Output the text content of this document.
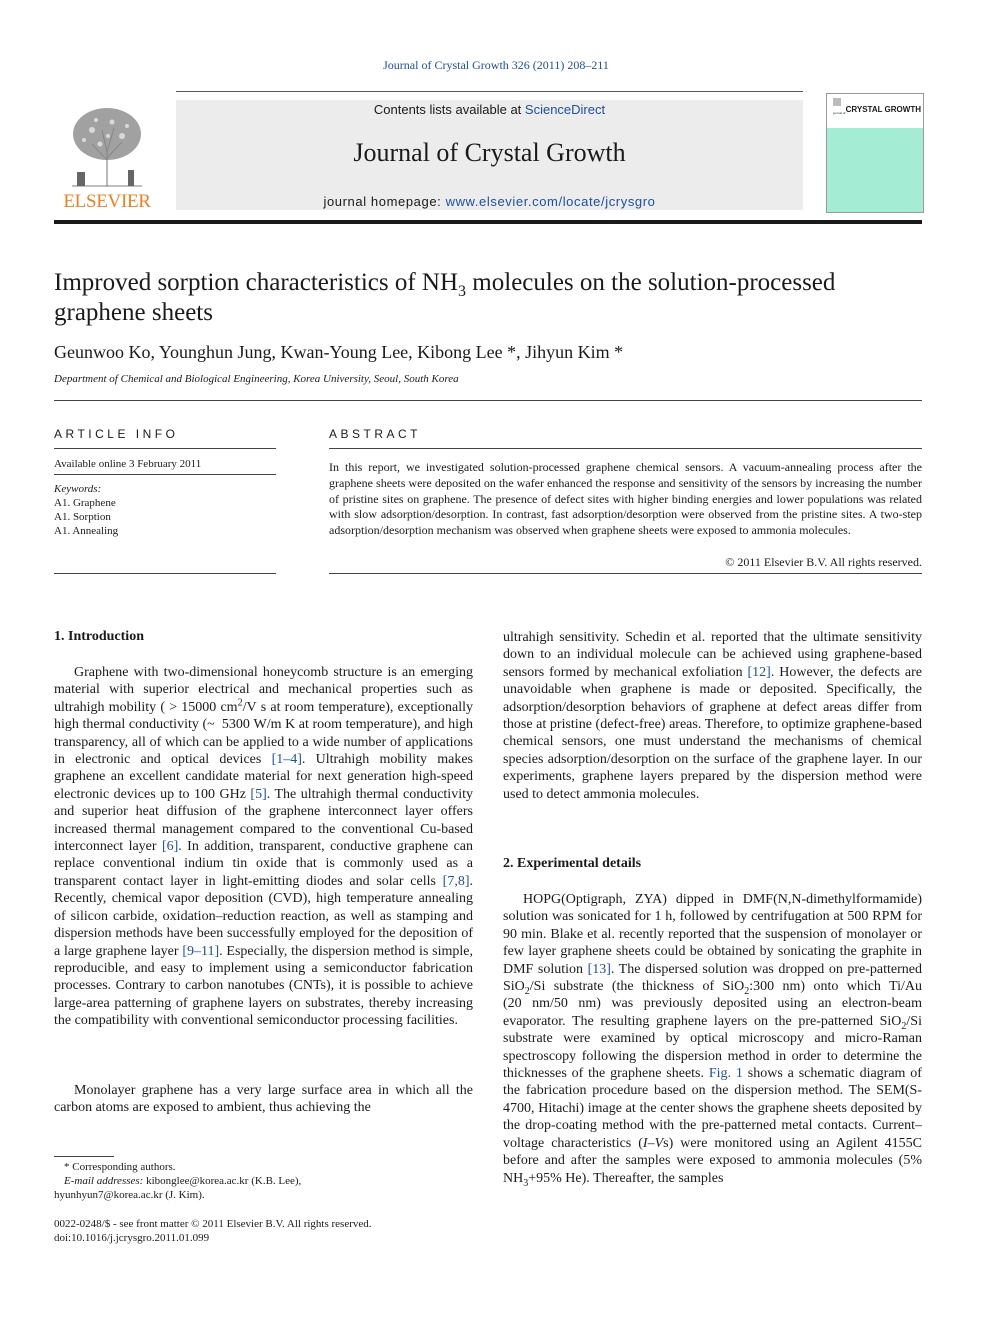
Journal of Crystal Growth 326 (2011) 208–211
Contents lists available at ScienceDirect
Journal of Crystal Growth
journal homepage: www.elsevier.com/locate/jcrysgro
ELSEVIER
journal of CRYSTAL GROWTH
Improved sorption characteristics of $NH_3$ molecules on the solution-processed graphene sheets
Geunwoo Ko, Younghun Jung, Kwan-Young Lee, Kibong Lee *, Jihyun Kim *
Department of Chemical and Biological Engineering, Korea University, Seoul, South Korea
ARTICLE INFO	ABSTRACT
Available online 3 February 2011
Keywords:
A1. Graphene
A1. Sorption
A1. Annealing
In this report, we investigated solution-processed graphene chemical sensors. A vacuum-annealing process after the graphene sheets were deposited on the wafer enhanced the response and sensitivity of the sensors by increasing the number of pristine sites on graphene. The presence of defect sites with higher binding energies and lower populations was related with slow adsorption/desorption. In contrast, fast adsorption/desorption were observed from the pristine sites. A two-step adsorption/desorption mechanism was observed when graphene sheets were exposed to ammonia molecules.
© 2011 Elsevier B.V. All rights reserved.
1. Introduction
Graphene with two-dimensional honeycomb structure is an emerging material with superior electrical and mechanical properties such as ultrahigh mobility ( > 15000 $cm^2/V$ s at room temperature), exceptionally high thermal conductivity (~  5300 W/m K at room temperature), and high transparency, all of which can be applied to a wide number of applications in electronic and optical devices [1–4]. Ultrahigh mobility makes graphene an excellent candidate material for next generation high-speed electronic devices up to 100 GHz [5]. The ultrahigh thermal conductivity and superior heat diffusion of the graphene interconnect layer offers increased thermal management compared to the conventional Cu-based interconnect layer [6]. In addition, transparent, conductive graphene can replace conventional indium tin oxide that is commonly used as a transparent contact layer in light-emitting diodes and solar cells [7,8]. Recently, chemical vapor deposition (CVD), high temperature annealing of silicon carbide, oxidation–reduction reaction, as well as stamping and dispersion methods have been successfully employed for the deposition of a large graphene layer [9–11]. Especially, the dispersion method is simple, reproducible, and easy to implement using a semiconductor fabrication processes. Contrary to carbon nanotubes (CNTs), it is possible to achieve large-area patterning of graphene layers on substrates, thereby increasing the compatibility with conventional semiconductor processing facilities.
Monolayer graphene has a very large surface area in which all the carbon atoms are exposed to ambient, thus achieving the
ultrahigh sensitivity. Schedin et al. reported that the ultimate sensitivity down to an individual molecule can be achieved using graphene-based sensors formed by mechanical exfoliation [12]. However, the defects are unavoidable when graphene is made or deposited. Specifically, the adsorption/desorption behaviors of graphene at defect areas differ from those at pristine (defect-free) areas. Therefore, to optimize graphene-based chemical sensors, one must understand the mechanisms of chemical species adsorption/desorption on the surface of the graphene layer. In our experiments, graphene layers prepared by the dispersion method were used to detect ammonia molecules.
2. Experimental details
HOPG(Optigraph, ZYA) dipped in DMF(N,N-dimethylformamide) solution was sonicated for 1 h, followed by centrifugation at 500 RPM for 90 min. Blake et al. recently reported that the suspension of monolayer or few layer graphene sheets could be obtained by sonicating the graphite in DMF solution [13]. The dispersed solution was dropped on pre-patterned SiO$_2$/Si substrate (the thickness of SiO$_2$:300 nm) onto which Ti/Au (20 nm/50 nm) was previously deposited using an electron-beam evaporator. The resulting graphene layers on the pre-patterned SiO$_2$/Si substrate were examined by optical microscopy and micro-Raman spectroscopy following the dispersion method in order to determine the thicknesses of the graphene sheets. Fig. 1 shows a schematic diagram of the fabrication procedure based on the dispersion method. The SEM(S-4700, Hitachi) image at the center shows the graphene sheets deposited by the drop-coating method with the pre-patterned metal contacts. Current–voltage characteristics (I–Vs) were monitored using an Agilent 4155C before and after the samples were exposed to ammonia molecules (5% $NH_3+95\%$ He). Thereafter, the samples
* Corresponding authors.
E-mail addresses: kibonglee@korea.ac.kr (K.B. Lee),
hyunhyun7@korea.ac.kr (J. Kim).
0022-0248/$ - see front matter © 2011 Elsevier B.V. All rights reserved.
doi:10.1016/j.jcrysgro.2011.01.099
